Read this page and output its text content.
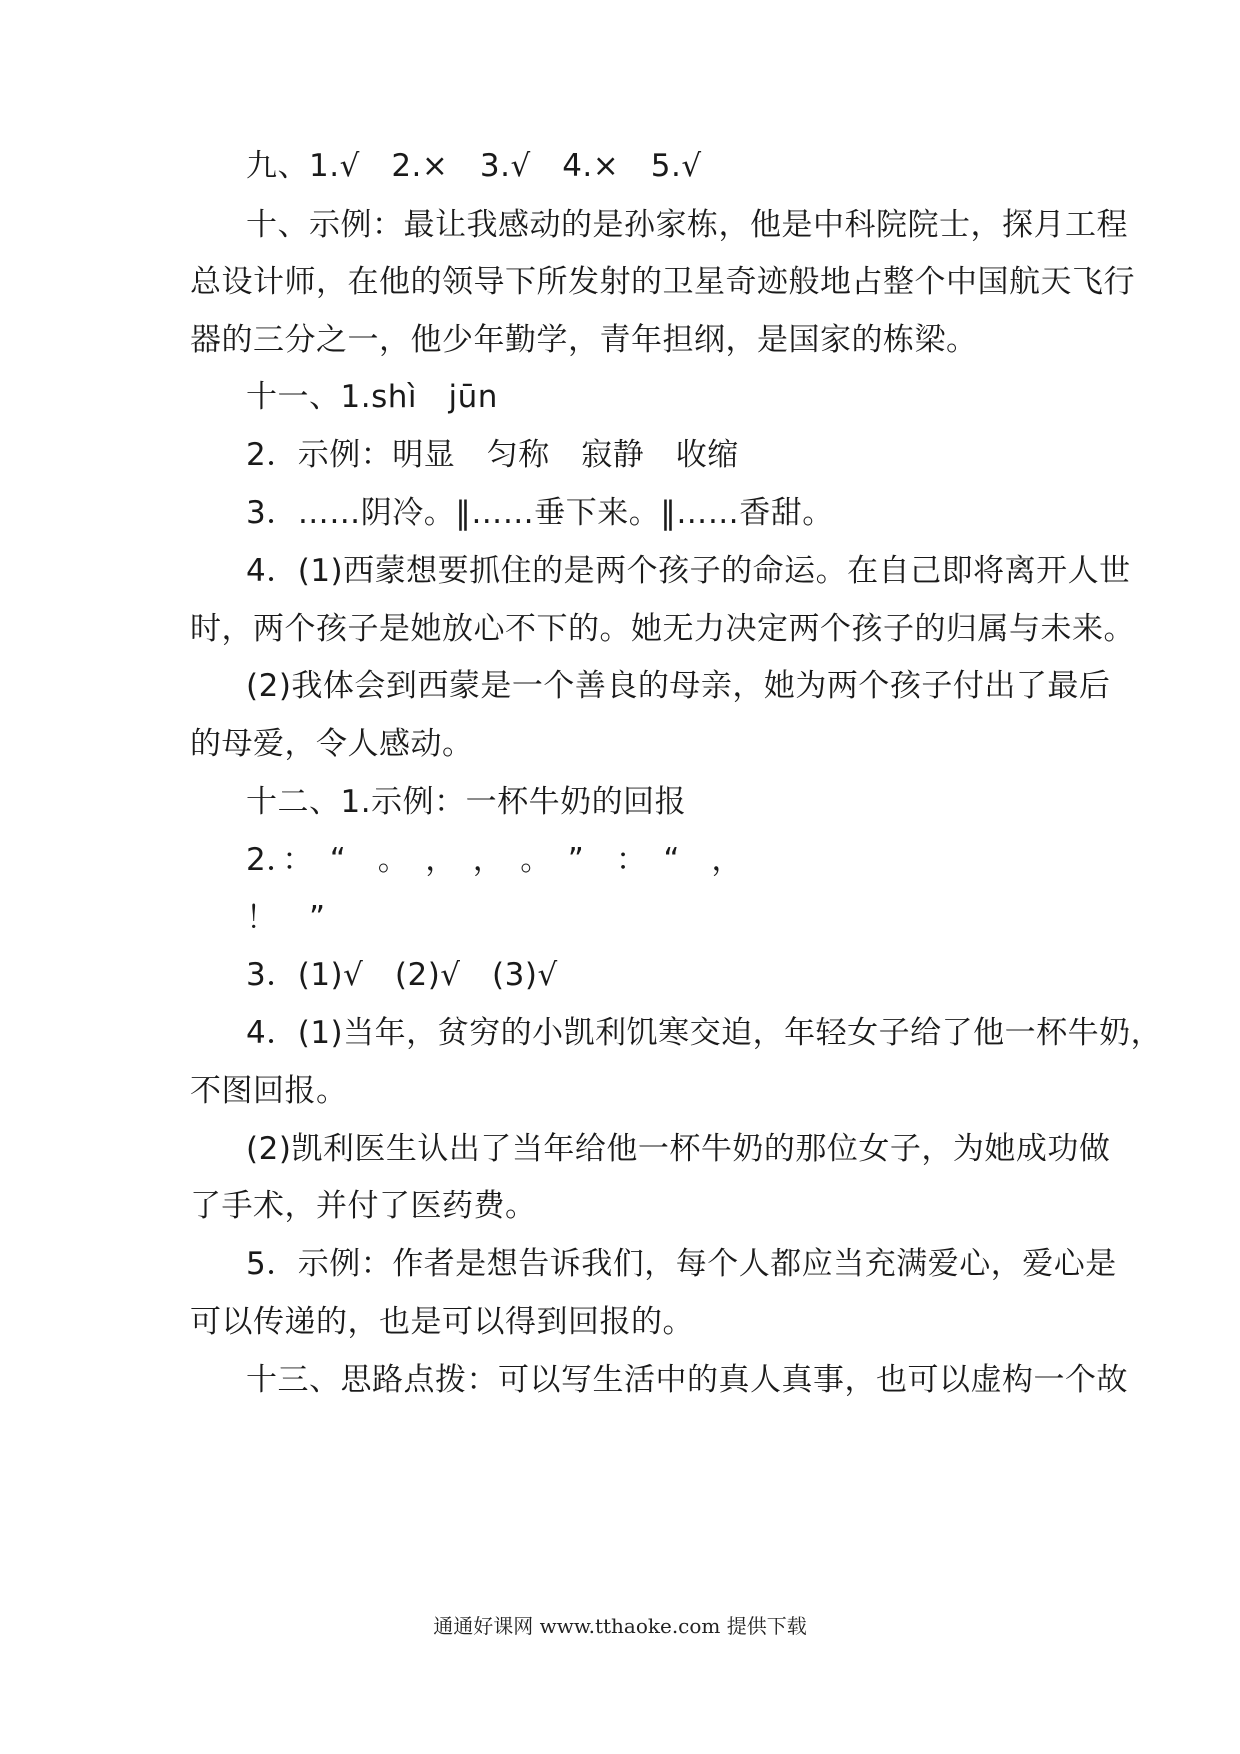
九、1.√　2.×　3.√　4.×　5.√
十、示例：最让我感动的是孙家栋，他是中科院院士，探月工程
总设计师，在他的领导下所发射的卫星奇迹般地占整个中国航天飞行
器的三分之一，他少年勤学，青年担纲，是国家的栋梁。
十一、1.shì　jūn
2．示例：明显　匀称　寂静　收缩
3．……阴冷。‖……垂下来。‖……香甜。
4．(1)西蒙想要抓住的是两个孩子的命运。在自己即将离开人世
时，两个孩子是她放心不下的。她无力决定两个孩子的归属与未来。
(2)我体会到西蒙是一个善良的母亲，她为两个孩子付出了最后
的母爱，令人感动。
十二、1.示例：一杯牛奶的回报
2．：　“　。　，　，　。　”　：　“　，
！　”
3．(1)√　(2)√　(3)√
4．(1)当年，贫穷的小凯利饥寒交迫，年轻女子给了他一杯牛奶，
不图回报。
(2)凯利医生认出了当年给他一杯牛奶的那位女子，为她成功做
了手术，并付了医药费。
5．示例：作者是想告诉我们，每个人都应当充满爱心，爱心是
可以传递的，也是可以得到回报的。
十三、思路点拨：可以写生活中的真人真事，也可以虚构一个故
通通好课网 www.tthaoke.com 提供下载
